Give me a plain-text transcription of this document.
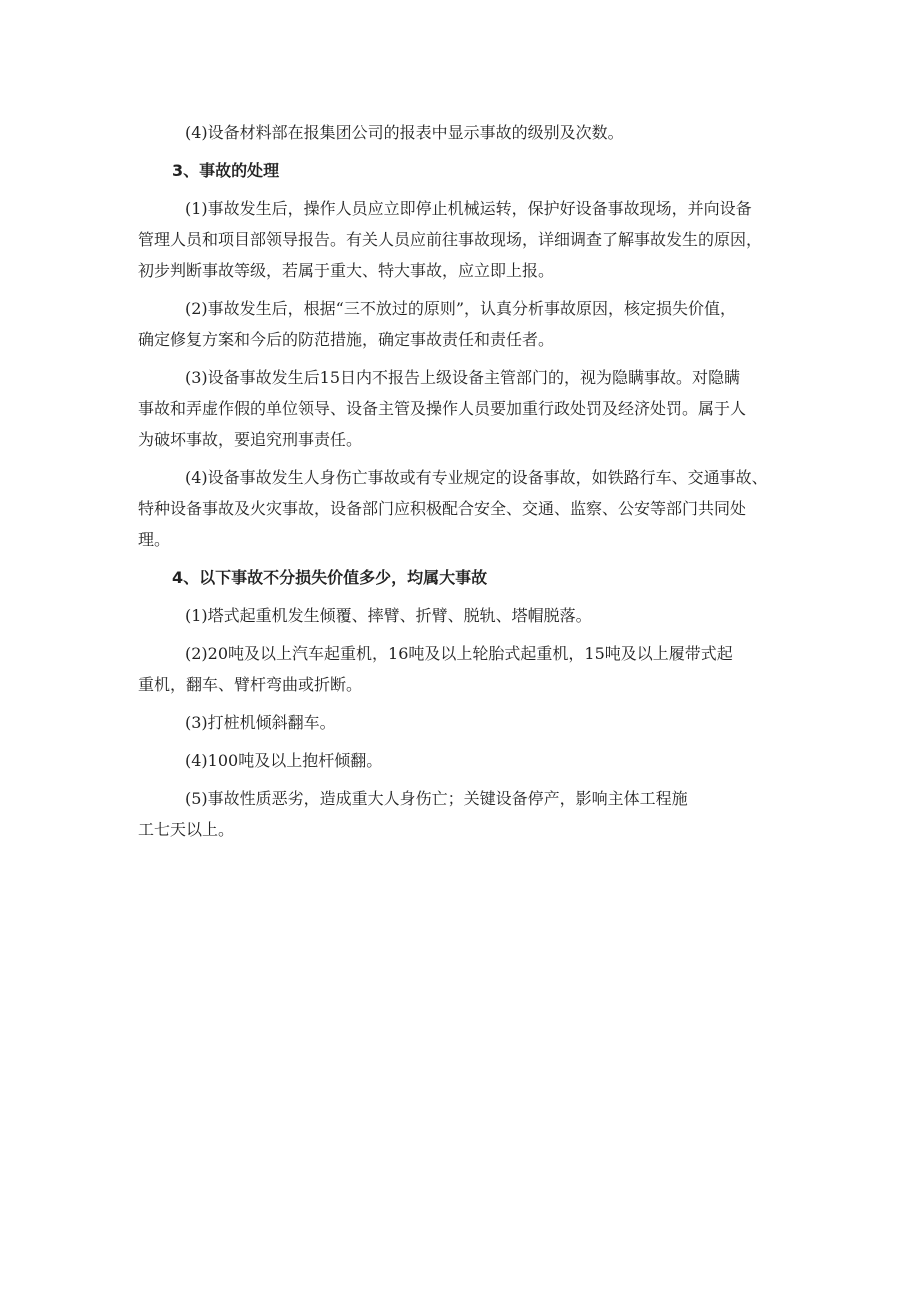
(4)设备材料部在报集团公司的报表中显示事故的级别及次数。

3、事故的处理

(1)事故发生后，操作人员应立即停止机械运转，保护好设备事故现场，并向设备
管理人员和项目部领导报告。有关人员应前往事故现场，详细调查了解事故发生的原因，
初步判断事故等级，若属于重大、特大事故，应立即上报。

(2)事故发生后，根据“三不放过的原则”，认真分析事故原因，核定损失价值，
确定修复方案和今后的防范措施，确定事故责任和责任者。

(3)设备事故发生后15日内不报告上级设备主管部门的，视为隐瞒事故。对隐瞒
事故和弄虚作假的单位领导、设备主管及操作人员要加重行政处罚及经济处罚。属于人
为破坏事故，要追究刑事责任。

(4)设备事故发生人身伤亡事故或有专业规定的设备事故，如铁路行车、交通事故、
特种设备事故及火灾事故，设备部门应积极配合安全、交通、监察、公安等部门共同处
理。

4、以下事故不分损失价值多少，均属大事故

(1)塔式起重机发生倾覆、摔臂、折臂、脱轨、塔帽脱落。

(2)20吨及以上汽车起重机，16吨及以上轮胎式起重机，15吨及以上履带式起
重机，翻车、臂杆弯曲或折断。

(3)打桩机倾斜翻车。

(4)100吨及以上抱杆倾翻。

(5)事故性质恶劣，造成重大人身伤亡；关键设备停产，影响主体工程施
工七天以上。
